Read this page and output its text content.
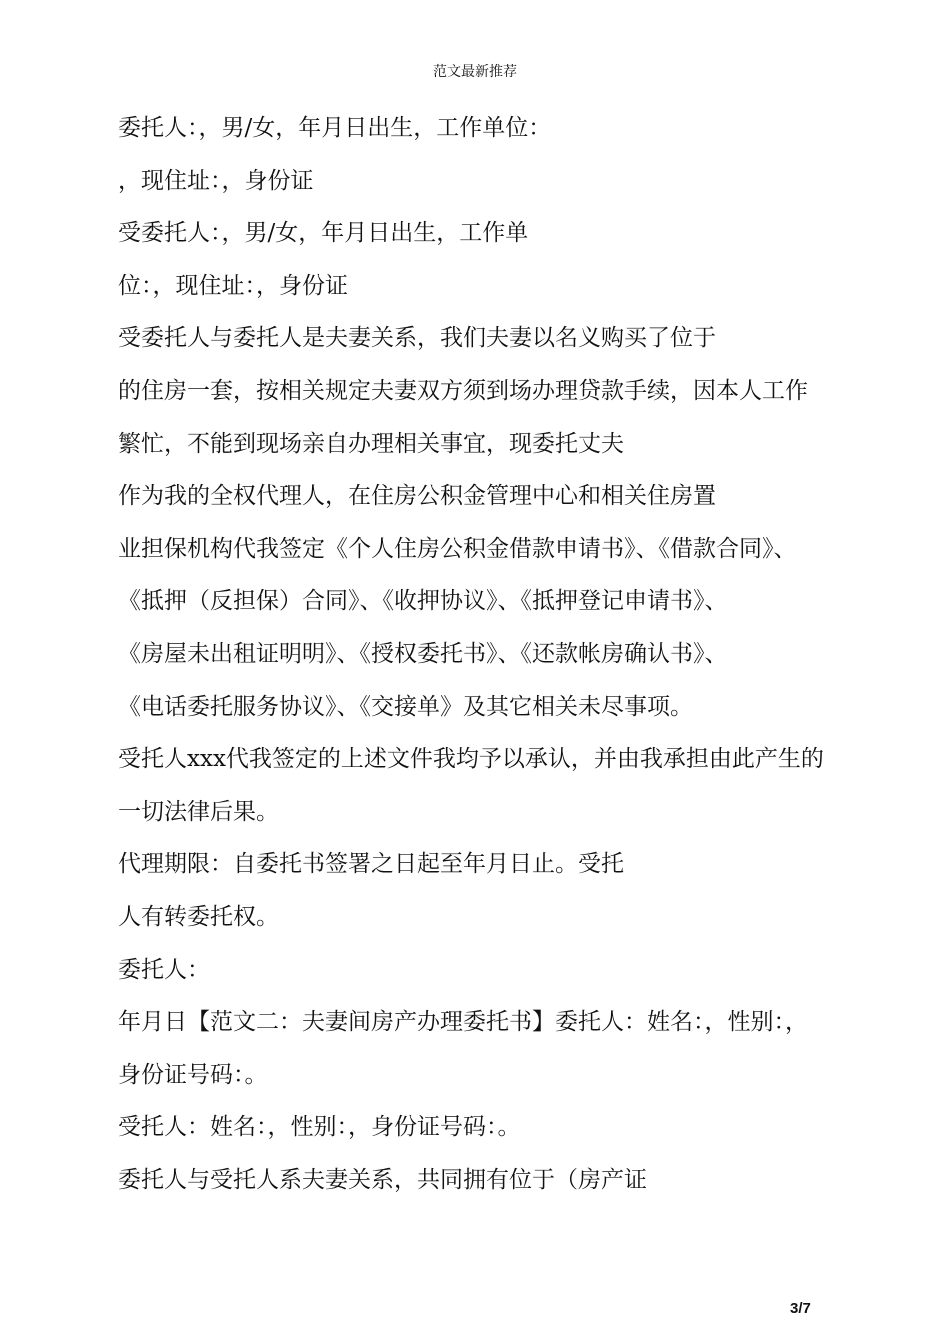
范文最新推荐
委托人：，男/女，年月日出生，工作单位：
，现住址：，身份证
受委托人：，男/女，年月日出生，工作单
位：，现住址：，身份证
受委托人与委托人是夫妻关系，我们夫妻以名义购买了位于
的住房一套，按相关规定夫妻双方须到场办理贷款手续，因本人工作
繁忙，不能到现场亲自办理相关事宜，现委托丈夫
作为我的全权代理人，在住房公积金管理中心和相关住房置
业担保机构代我签定《个人住房公积金借款申请书》、《借款合同》、
《抵押（反担保）合同》、《收押协议》、《抵押登记申请书》、
《房屋未出租证明明》、《授权委托书》、《还款帐房确认书》、
《电话委托服务协议》、《交接单》及其它相关未尽事项。
受托人xxx代我签定的上述文件我均予以承认，并由我承担由此产生的
一切法律后果。
代理期限：自委托书签署之日起至年月日止。受托
人有转委托权。
委托人：
年月日【范文二：夫妻间房产办理委托书】委托人：姓名：，性别：，
身份证号码：。
受托人：姓名：，性别：，身份证号码：。
委托人与受托人系夫妻关系，共同拥有位于（房产证
3/7
